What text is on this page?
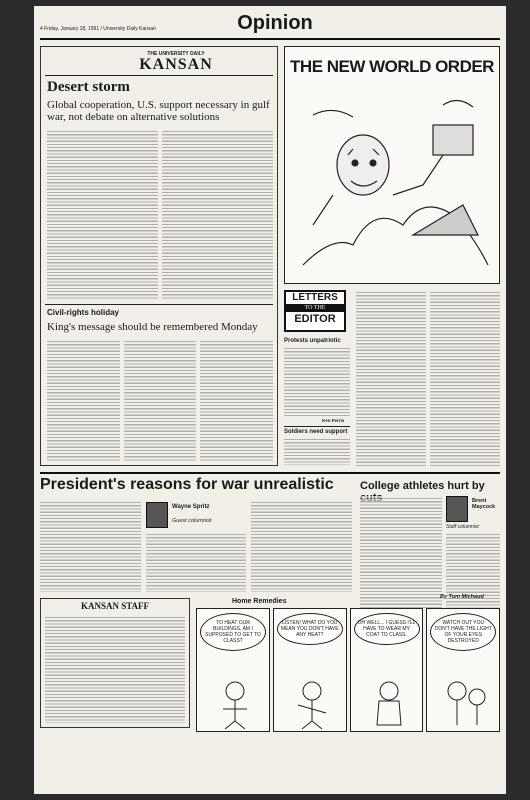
4 Friday, January 18, 1991 / University Daily Kansan	Opinion
THE UNIVERSITY DAILY
KANSAN
Desert storm
Global cooperation, U.S. support necessary in gulf war, not debate on alternative solutions
Civil-rights holiday
King's message should be remembered Monday
THE NEW WORLD ORDER
LETTERS
TO THE
EDITOR
Protests unpatriotic
Ken Ferris
Soldiers need support
President's reasons for war unrealistic
Wayne Spritz
Guest columnist
College athletes hurt by
Brent Maycock
Staff columnist
KANSAN STAFF	Home Remedies
TO HEAT OUR BUILDINGS, AM I SUPPOSED TO GET TO CLASS?
LISTEN! WHAT DO YOU MEAN YOU DON'T HAVE ANY HEAT?
OH WELL... I GUESS I'LL HAVE TO WEAR MY COAT TO CLASS.
WATCH OUT YOU DON'T HAVE THE LIGHT OF YOUR EYES DESTROYED
By Tom Michaud
